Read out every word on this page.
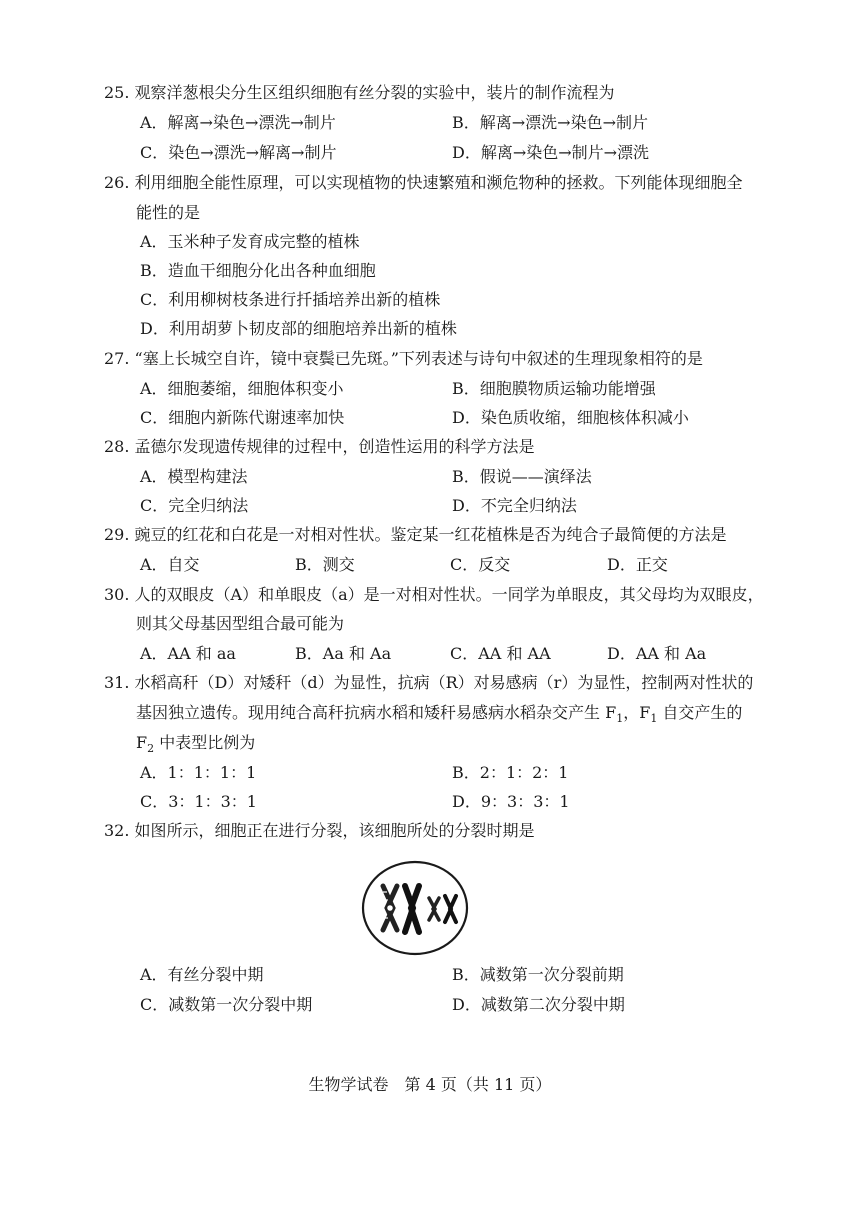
25. 观察洋葱根尖分生区组织细胞有丝分裂的实验中，装片的制作流程为
A．解离→染色→漂洗→制片	B．解离→漂洗→染色→制片
C．染色→漂洗→解离→制片	D．解离→染色→制片→漂洗
26. 利用细胞全能性原理，可以实现植物的快速繁殖和濒危物种的拯救。下列能体现细胞全
能性的是
A．玉米种子发育成完整的植株
B．造血干细胞分化出各种血细胞
C．利用柳树枝条进行扦插培养出新的植株
D．利用胡萝卜韧皮部的细胞培养出新的植株
27. “塞上长城空自许，镜中衰鬓已先斑。”下列表述与诗句中叙述的生理现象相符的是
A．细胞萎缩，细胞体积变小	B．细胞膜物质运输功能增强
C．细胞内新陈代谢速率加快	D．染色质收缩，细胞核体积减小
28. 孟德尔发现遗传规律的过程中，创造性运用的科学方法是
A．模型构建法	B．假说——演绎法
C．完全归纳法	D．不完全归纳法
29. 豌豆的红花和白花是一对相对性状。鉴定某一红花植株是否为纯合子最简便的方法是
A．自交	B．测交	C．反交	D．正交
30. 人的双眼皮（A）和单眼皮（a）是一对相对性状。一同学为单眼皮，其父母均为双眼皮，
则其父母基因型组合最可能为
A．AA 和 aa	B．Aa 和 Aa	C．AA 和 AA	D．AA 和 Aa
31. 水稻高秆（D）对矮秆（d）为显性，抗病（R）对易感病（r）为显性，控制两对性状的
基因独立遗传。现用纯合高秆抗病水稻和矮秆易感病水稻杂交产生 $F_1$，$F_1$ 自交产生的
$F_2$ 中表型比例为
A．1：1：1：1	B．2：1：2：1
C．3：1：3：1	D．9：3：3：1
32. 如图所示，细胞正在进行分裂，该细胞所处的分裂时期是
A．有丝分裂中期	B．减数第一次分裂前期
C．减数第一次分裂中期	D．减数第二次分裂中期
生物学试卷　第 4 页（共 11 页）
